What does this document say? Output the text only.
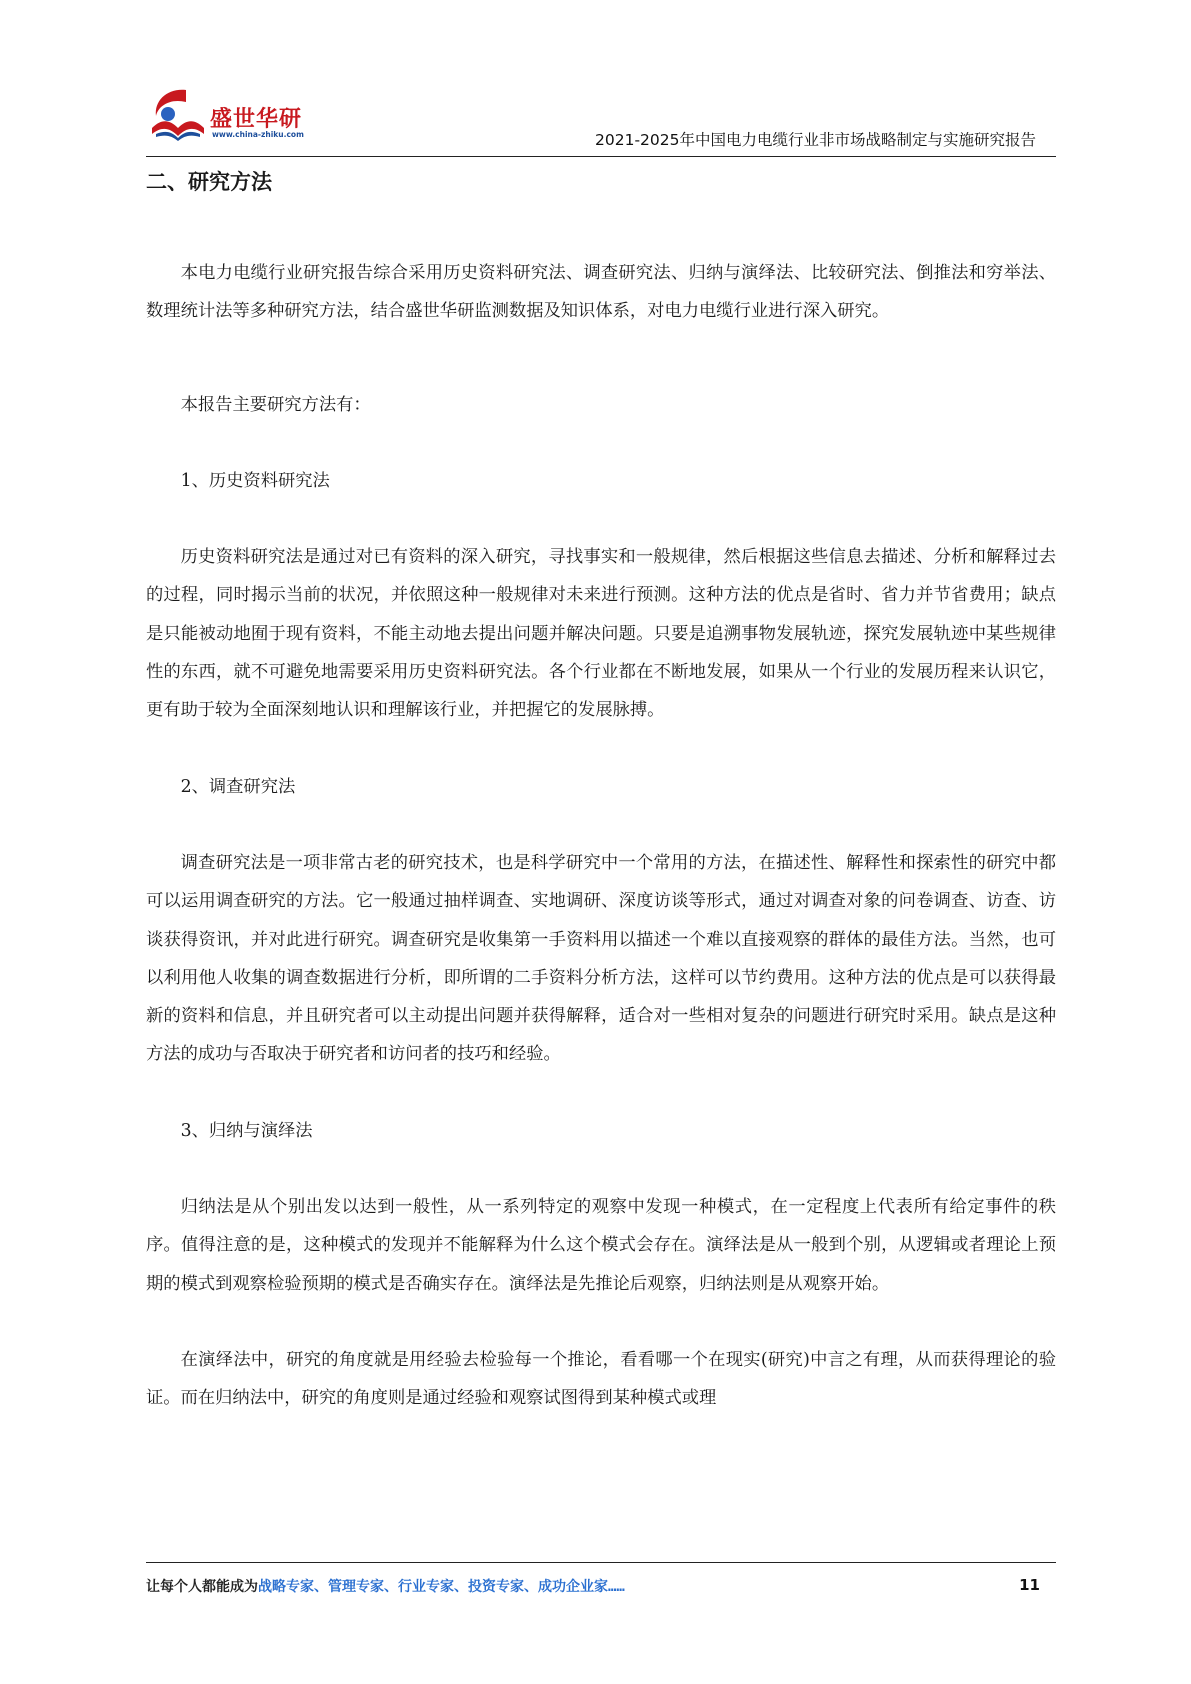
盛世华研
www.china-zhiku.com	2021-2025年中国电力电缆行业非市场战略制定与实施研究报告
二、研究方法

本电力电缆行业研究报告综合采用历史资料研究法、调查研究法、归纳与演绎法、比较研究法、倒推法和穷举法、数理统计法等多种研究方法，结合盛世华研监测数据及知识体系，对电力电缆行业进行深入研究。

本报告主要研究方法有：

1、历史资料研究法

历史资料研究法是通过对已有资料的深入研究，寻找事实和一般规律，然后根据这些信息去描述、分析和解释过去的过程，同时揭示当前的状况，并依照这种一般规律对未来进行预测。这种方法的优点是省时、省力并节省费用；缺点是只能被动地囿于现有资料，不能主动地去提出问题并解决问题。只要是追溯事物发展轨迹，探究发展轨迹中某些规律性的东西，就不可避免地需要采用历史资料研究法。各个行业都在不断地发展，如果从一个行业的发展历程来认识它，更有助于较为全面深刻地认识和理解该行业，并把握它的发展脉搏。

2、调查研究法

调查研究法是一项非常古老的研究技术，也是科学研究中一个常用的方法，在描述性、解释性和探索性的研究中都可以运用调查研究的方法。它一般通过抽样调查、实地调研、深度访谈等形式，通过对调查对象的问卷调查、访查、访谈获得资讯，并对此进行研究。调查研究是收集第一手资料用以描述一个难以直接观察的群体的最佳方法。当然，也可以利用他人收集的调查数据进行分析，即所谓的二手资料分析方法，这样可以节约费用。这种方法的优点是可以获得最新的资料和信息，并且研究者可以主动提出问题并获得解释，适合对一些相对复杂的问题进行研究时采用。缺点是这种方法的成功与否取决于研究者和访问者的技巧和经验。

3、归纳与演绎法

归纳法是从个别出发以达到一般性，从一系列特定的观察中发现一种模式，在一定程度上代表所有给定事件的秩序。值得注意的是，这种模式的发现并不能解释为什么这个模式会存在。演绎法是从一般到个别，从逻辑或者理论上预期的模式到观察检验预期的模式是否确实存在。演绎法是先推论后观察，归纳法则是从观察开始。

在演绎法中，研究的角度就是用经验去检验每一个推论，看看哪一个在现实(研究)中言之有理，从而获得理论的验证。而在归纳法中，研究的角度则是通过经验和观察试图得到某种模式或理

让每个人都能成为战略专家、管理专家、行业专家、投资专家、成功企业家……	11
